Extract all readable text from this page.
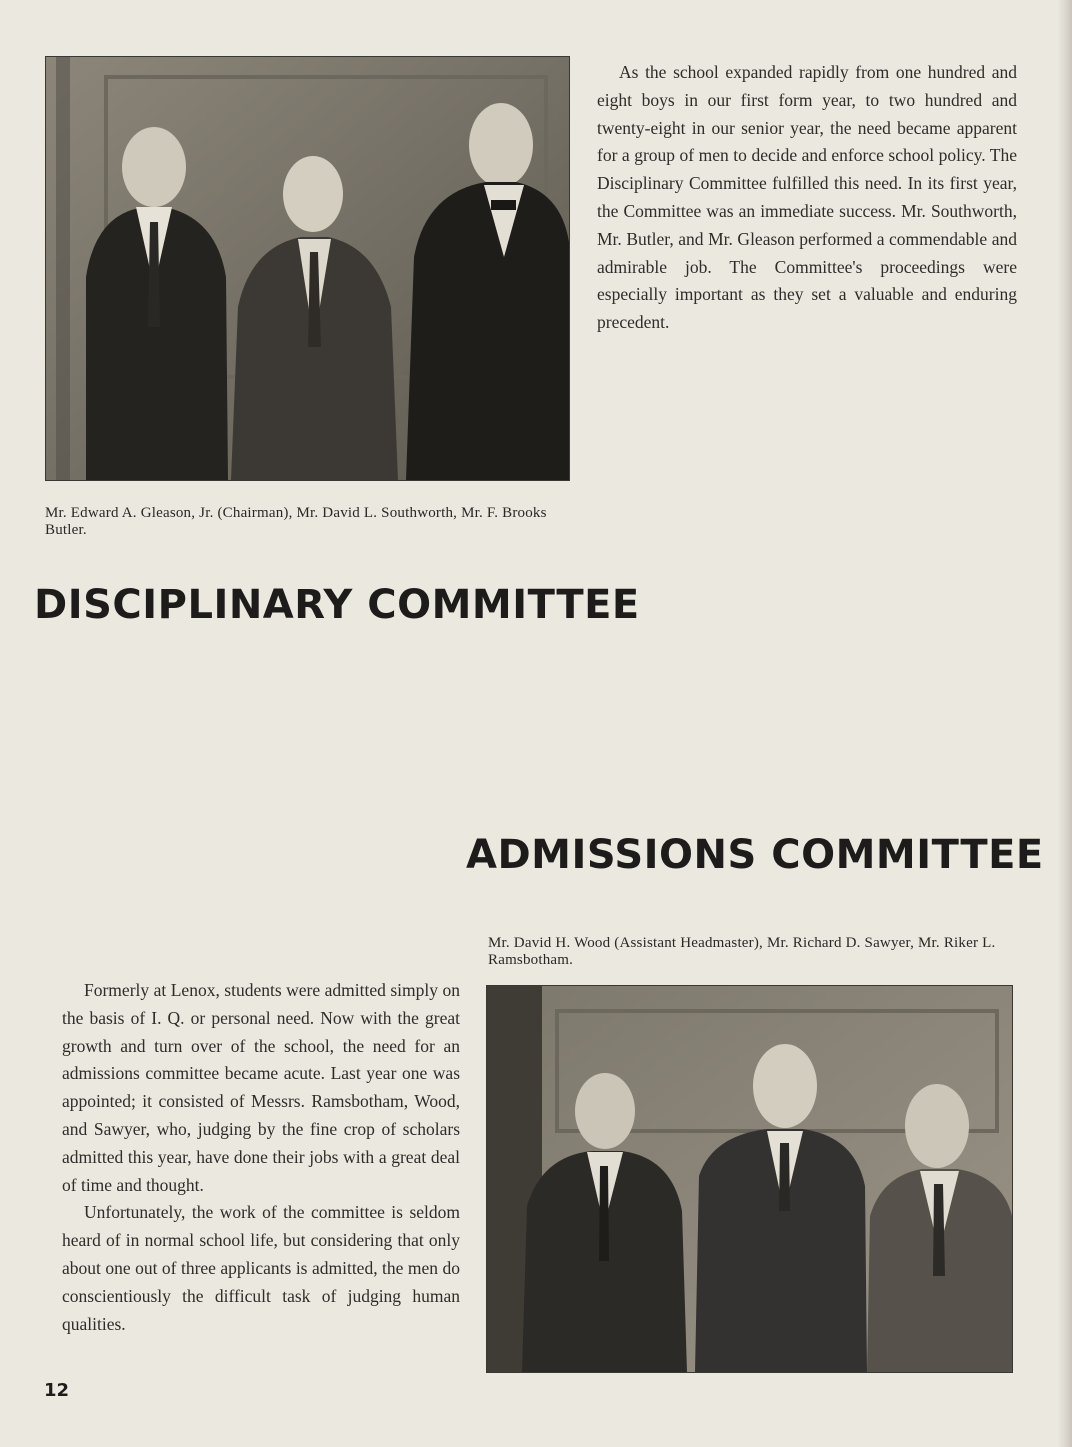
As the school expanded rapidly from one hundred and eight boys in our first form year, to two hundred and twenty-eight in our senior year, the need became apparent for a group of men to decide and enforce school policy. The Disciplinary Committee fulfilled this need. In its first year, the Committee was an immediate success. Mr. Southworth, Mr. Butler, and Mr. Gleason performed a commendable and admirable job. The Committee's proceedings were especially important as they set a valuable and enduring precedent.

Mr. Edward A. Gleason, Jr. (Chairman), Mr. David L. Southworth, Mr. F. Brooks Butler.

DISCIPLINARY COMMITTEE
ADMISSIONS COMMITTEE

Mr. David H. Wood (Assistant Headmaster), Mr. Richard D. Sawyer, Mr. Riker L. Ramsbotham.

Formerly at Lenox, students were admitted simply on the basis of I. Q. or personal need. Now with the great growth and turn over of the school, the need for an admissions committee became acute. Last year one was appointed; it consisted of Messrs. Ramsbotham, Wood, and Sawyer, who, judging by the fine crop of scholars admitted this year, have done their jobs with a great deal of time and thought.

Unfortunately, the work of the committee is seldom heard of in normal school life, but considering that only about one out of three applicants is admitted, the men do conscientiously the difficult task of judging human qualities.

12
